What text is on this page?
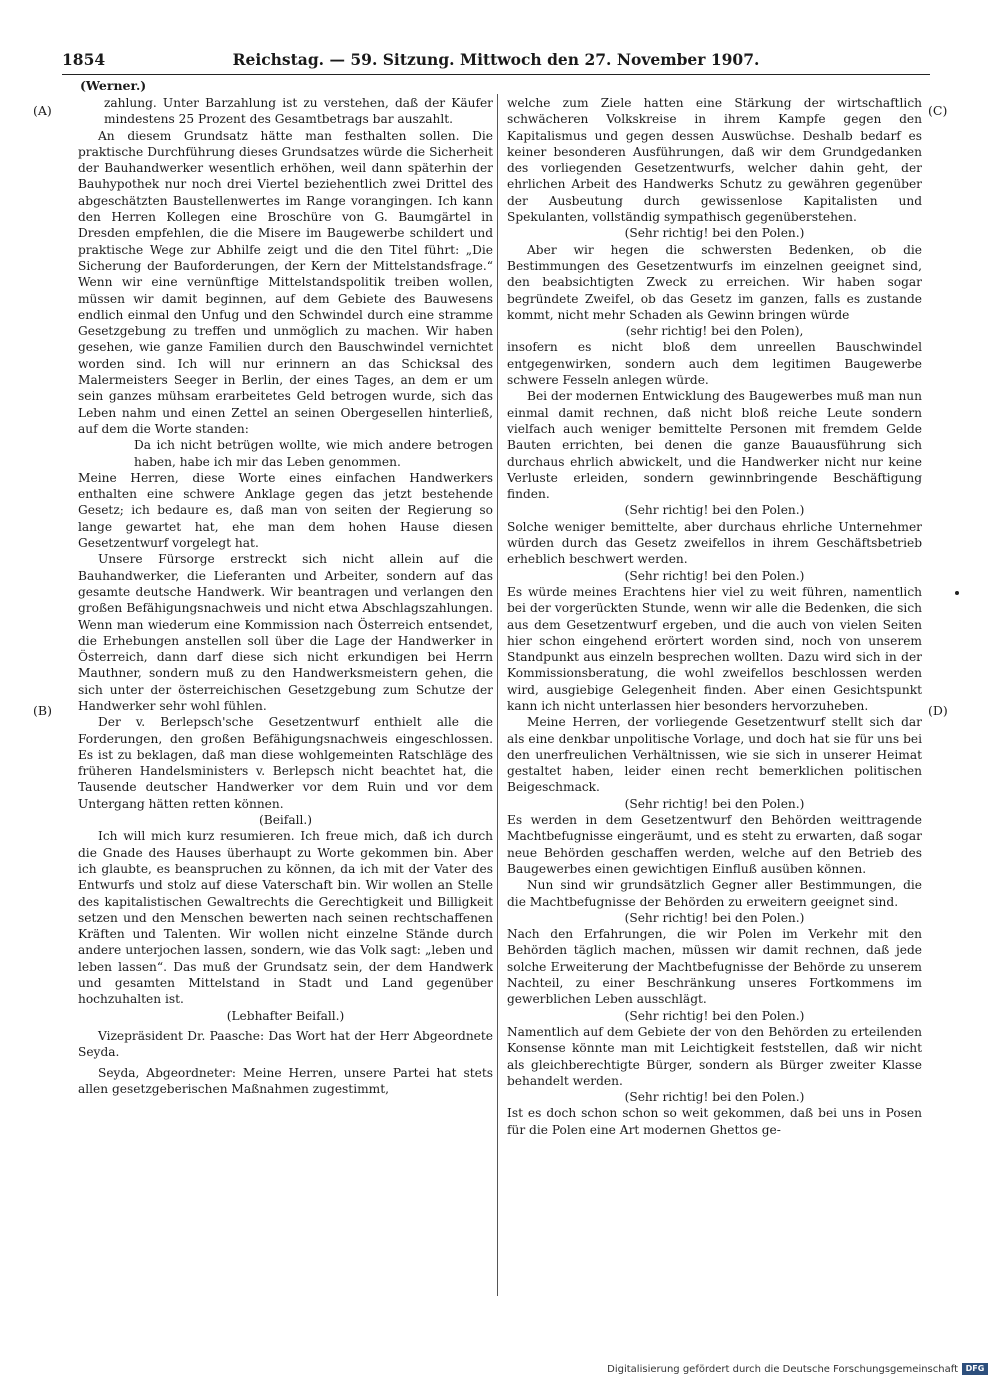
1854	Reichstag. — 59. Sitzung. Mittwoch den 27. November 1907.
(Werner.)
(A)
(B)
(C)
(D)

zahlung. Unter Barzahlung ist zu verstehen, daß der Käufer mindestens 25 Prozent des Gesamtbetrags bar auszahlt.

An diesem Grundsatz hätte man festhalten sollen. Die praktische Durchführung dieses Grundsatzes würde die Sicherheit der Bauhandwerker wesentlich erhöhen, weil dann späterhin der Bauhypothek nur noch drei Viertel beziehentlich zwei Drittel des abgeschätzten Baustellenwertes im Range vorangingen. Ich kann den Herren Kollegen eine Broschüre von G. Baumgärtel in Dresden empfehlen, die die Misere im Baugewerbe schildert und praktische Wege zur Abhilfe zeigt und die den Titel führt: „Die Sicherung der Bauforderungen, der Kern der Mittelstandsfrage.“ Wenn wir eine vernünftige Mittelstandspolitik treiben wollen, müssen wir damit beginnen, auf dem Gebiete des Bauwesens endlich einmal den Unfug und den Schwindel durch eine stramme Gesetzgebung zu treffen und unmöglich zu machen. Wir haben gesehen, wie ganze Familien durch den Bauschwindel vernichtet worden sind. Ich will nur erinnern an das Schicksal des Malermeisters Seeger in Berlin, der eines Tages, an dem er um sein ganzes mühsam erarbeitetes Geld betrogen wurde, sich das Leben nahm und einen Zettel an seinen Obergesellen hinterließ, auf dem die Worte standen:

Da ich nicht betrügen wollte, wie mich andere betrogen haben, habe ich mir das Leben genommen.

Meine Herren, diese Worte eines einfachen Handwerkers enthalten eine schwere Anklage gegen das jetzt bestehende Gesetz; ich bedaure es, daß man von seiten der Regierung so lange gewartet hat, ehe man dem hohen Hause diesen Gesetzentwurf vorgelegt hat.

Unsere Fürsorge erstreckt sich nicht allein auf die Bauhandwerker, die Lieferanten und Arbeiter, sondern auf das gesamte deutsche Handwerk. Wir beantragen und verlangen den großen Befähigungsnachweis und nicht etwa Abschlagszahlungen. Wenn man wiederum eine Kommission nach Österreich entsendet, die Erhebungen anstellen soll über die Lage der Handwerker in Österreich, dann darf diese sich nicht erkundigen bei Herrn Mauthner, sondern muß zu den Handwerksmeistern gehen, die sich unter der österreichischen Gesetzgebung zum Schutze der Handwerker sehr wohl fühlen.

Der v. Berlepsch'sche Gesetzentwurf enthielt alle die Forderungen, den großen Befähigungsnachweis eingeschlossen. Es ist zu beklagen, daß man diese wohlgemeinten Ratschläge des früheren Handelsministers v. Berlepsch nicht beachtet hat, die Tausende deutscher Handwerker vor dem Ruin und vor dem Untergang hätten retten können.

(Beifall.)

Ich will mich kurz resumieren. Ich freue mich, daß ich durch die Gnade des Hauses überhaupt zu Worte gekommen bin. Aber ich glaubte, es beanspruchen zu können, da ich mit der Vater des Entwurfs und stolz auf diese Vaterschaft bin. Wir wollen an Stelle des kapitalistischen Gewaltrechts die Gerechtigkeit und Billigkeit setzen und den Menschen bewerten nach seinen rechtschaffenen Kräften und Talenten. Wir wollen nicht einzelne Stände durch andere unterjochen lassen, sondern, wie das Volk sagt: „leben und leben lassen“. Das muß der Grundsatz sein, der dem Handwerk und gesamten Mittelstand in Stadt und Land gegenüber hochzuhalten ist.

(Lebhafter Beifall.)

Vizepräsident Dr. Paasche: Das Wort hat der Herr Abgeordnete Seyda.

Seyda, Abgeordneter: Meine Herren, unsere Partei hat stets allen gesetzgeberischen Maßnahmen zugestimmt,

welche zum Ziele hatten eine Stärkung der wirtschaftlich schwächeren Volkskreise in ihrem Kampfe gegen den Kapitalismus und gegen dessen Auswüchse. Deshalb bedarf es keiner besonderen Ausführungen, daß wir dem Grundgedanken des vorliegenden Gesetzentwurfs, welcher dahin geht, der ehrlichen Arbeit des Handwerks Schutz zu gewähren gegenüber der Ausbeutung durch gewissenlose Kapitalisten und Spekulanten, vollständig sympathisch gegenüberstehen.

(Sehr richtig! bei den Polen.)

Aber wir hegen die schwersten Bedenken, ob die Bestimmungen des Gesetzentwurfs im einzelnen geeignet sind, den beabsichtigten Zweck zu erreichen. Wir haben sogar begründete Zweifel, ob das Gesetz im ganzen, falls es zustande kommt, nicht mehr Schaden als Gewinn bringen würde

(sehr richtig! bei den Polen),

insofern es nicht bloß dem unreellen Bauschwindel entgegenwirken, sondern auch dem legitimen Baugewerbe schwere Fesseln anlegen würde.

Bei der modernen Entwicklung des Baugewerbes muß man nun einmal damit rechnen, daß nicht bloß reiche Leute sondern vielfach auch weniger bemittelte Personen mit fremdem Gelde Bauten errichten, bei denen die ganze Bauausführung sich durchaus ehrlich abwickelt, und die Handwerker nicht nur keine Verluste erleiden, sondern gewinnbringende Beschäftigung finden.

(Sehr richtig! bei den Polen.)

Solche weniger bemittelte, aber durchaus ehrliche Unternehmer würden durch das Gesetz zweifellos in ihrem Geschäftsbetrieb erheblich beschwert werden.

(Sehr richtig! bei den Polen.)

Es würde meines Erachtens hier viel zu weit führen, namentlich bei der vorgerückten Stunde, wenn wir alle die Bedenken, die sich aus dem Gesetzentwurf ergeben, und die auch von vielen Seiten hier schon eingehend erörtert worden sind, noch von unserem Standpunkt aus einzeln besprechen wollten. Dazu wird sich in der Kommissionsberatung, die wohl zweifellos beschlossen werden wird, ausgiebige Gelegenheit finden. Aber einen Gesichtspunkt kann ich nicht unterlassen hier besonders hervorzuheben.

Meine Herren, der vorliegende Gesetzentwurf stellt sich dar als eine denkbar unpolitische Vorlage, und doch hat sie für uns bei den unerfreulichen Verhältnissen, wie sie sich in unserer Heimat gestaltet haben, leider einen recht bemerklichen politischen Beigeschmack.

(Sehr richtig! bei den Polen.)

Es werden in dem Gesetzentwurf den Behörden weittragende Machtbefugnisse eingeräumt, und es steht zu erwarten, daß sogar neue Behörden geschaffen werden, welche auf den Betrieb des Baugewerbes einen gewichtigen Einfluß ausüben können.

Nun sind wir grundsätzlich Gegner aller Bestimmungen, die die Machtbefugnisse der Behörden zu erweitern geeignet sind.

(Sehr richtig! bei den Polen.)

Nach den Erfahrungen, die wir Polen im Verkehr mit den Behörden täglich machen, müssen wir damit rechnen, daß jede solche Erweiterung der Machtbefugnisse der Behörde zu unserem Nachteil, zu einer Beschränkung unseres Fortkommens im gewerblichen Leben ausschlägt.

(Sehr richtig! bei den Polen.)

Namentlich auf dem Gebiete der von den Behörden zu erteilenden Konsense könnte man mit Leichtigkeit feststellen, daß wir nicht als gleichberechtigte Bürger, sondern als Bürger zweiter Klasse behandelt werden.

(Sehr richtig! bei den Polen.)

Ist es doch schon schon so weit gekommen, daß bei uns in Posen für die Polen eine Art modernen Ghettos ge-

Digitalisierung gefördert durch die Deutsche Forschungsgemeinschaft DFG
